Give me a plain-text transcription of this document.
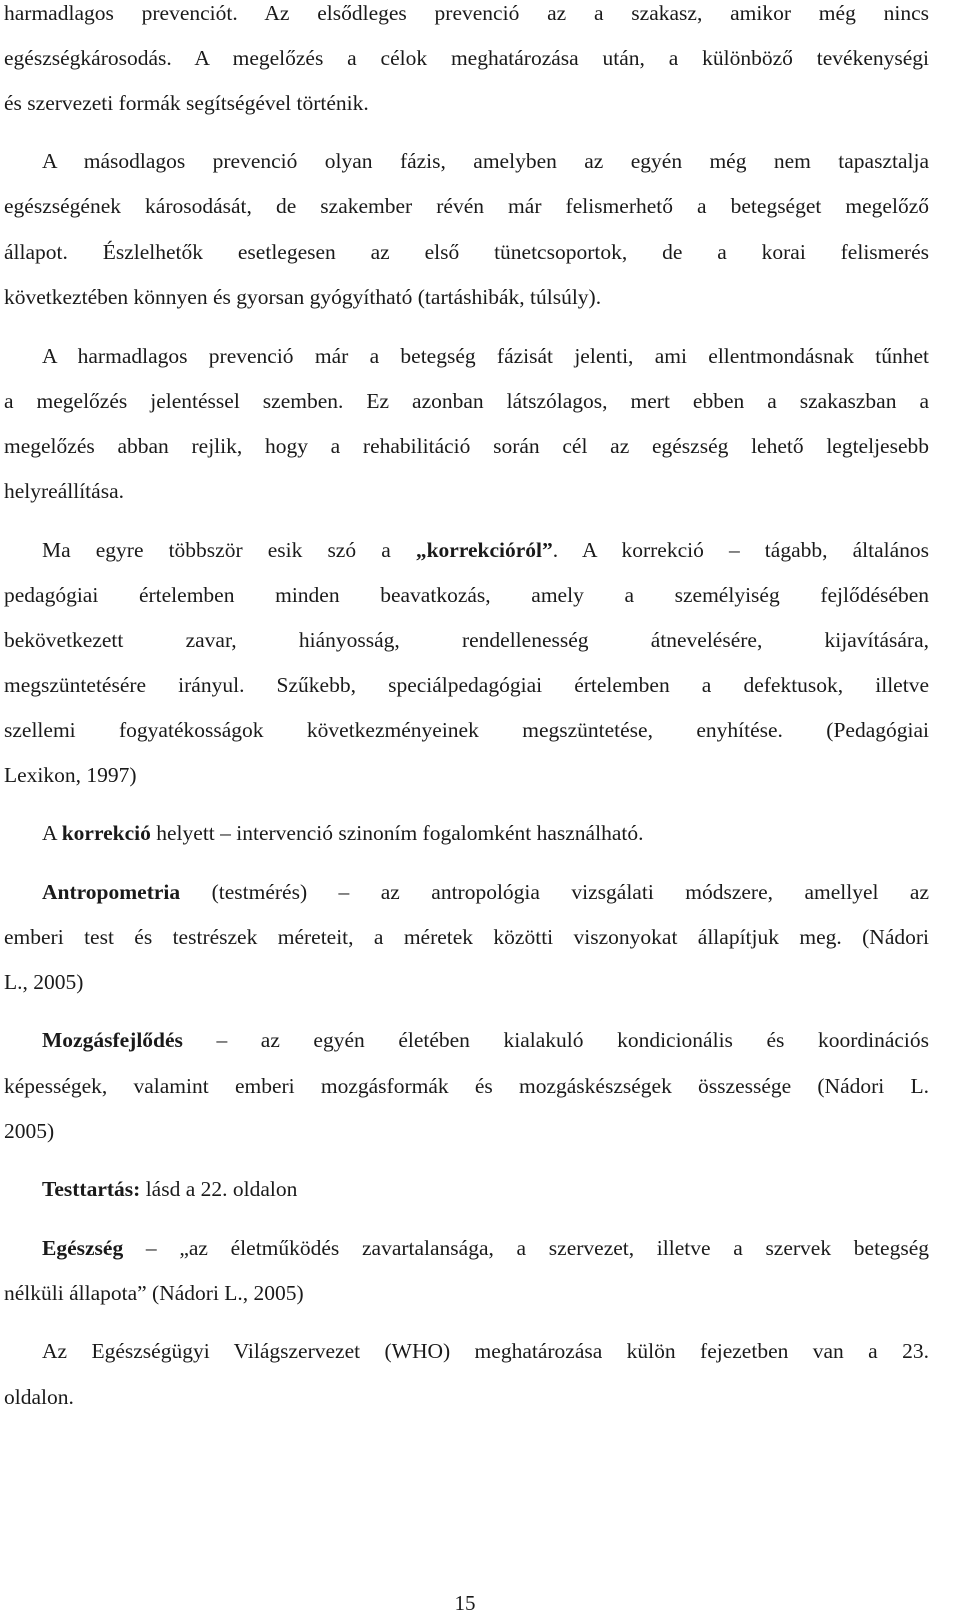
harmadlagos prevenciót. Az elsődleges prevenció az a szakasz, amikor még nincs
egészségkárosodás. A megelőzés a célok meghatározása után, a különböző tevékenységi
és szervezeti formák segítségével történik.
A másodlagos prevenció olyan fázis, amelyben az egyén még nem tapasztalja
egészségének károsodását, de szakember révén már felismerhető a betegséget megelőző
állapot. Észlelhetők esetlegesen az első tünetcsoportok, de a korai felismerés
következtében könnyen és gyorsan gyógyítható (tartáshibák, túlsúly).
A harmadlagos prevenció már a betegség fázisát jelenti, ami ellentmondásnak tűnhet
a megelőzés jelentéssel szemben. Ez azonban látszólagos, mert ebben a szakaszban a
megelőzés abban rejlik, hogy a rehabilitáció során cél az egészség lehető legteljesebb
helyreállítása.
Ma egyre többször esik szó a „korrekcióról”. A korrekció – tágabb, általános
pedagógiai értelemben minden beavatkozás, amely a személyiség fejlődésében
bekövetkezett zavar, hiányosság, rendellenesség átnevelésére, kijavítására,
megszüntetésére irányul. Szűkebb, speciálpedagógiai értelemben a defektusok, illetve
szellemi fogyatékosságok következményeinek megszüntetése, enyhítése. (Pedagógiai
Lexikon, 1997)
A korrekció helyett – intervenció szinoním fogalomként használható.
Antropometria (testmérés) – az antropológia vizsgálati módszere, amellyel az
emberi test és testrészek méreteit, a méretek közötti viszonyokat állapítjuk meg. (Nádori
L., 2005)
Mozgásfejlődés – az egyén életében kialakuló kondicionális és koordinációs
képességek, valamint emberi mozgásformák és mozgáskészségek összessége (Nádori L.
2005)
Testtartás: lásd a 22. oldalon
Egészség – „az életműködés zavartalansága, a szervezet, illetve a szervek betegség
nélküli állapota” (Nádori L., 2005)
Az Egészségügyi Világszervezet (WHO) meghatározása külön fejezetben van a 23.
oldalon.
15
